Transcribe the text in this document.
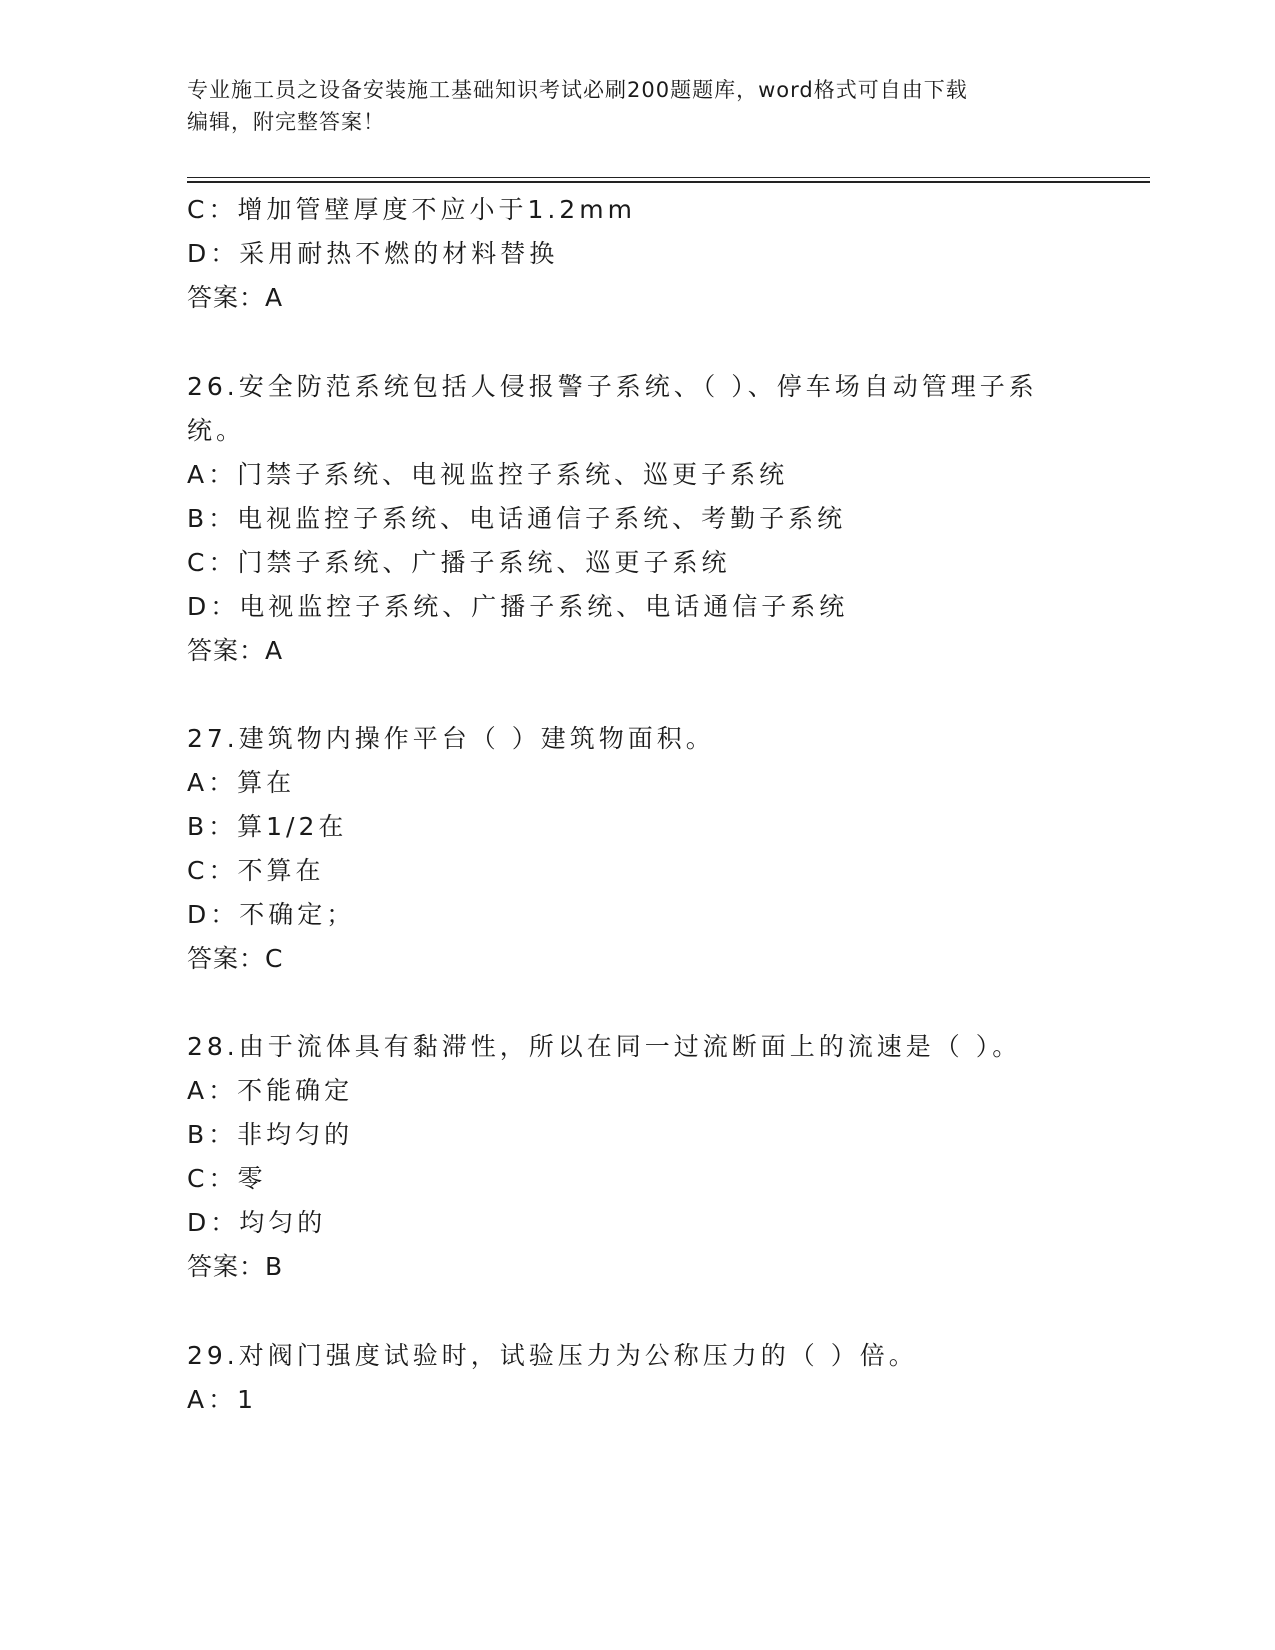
专业施工员之设备安装施工基础知识考试必刷200题题库，word格式可自由下载
编辑，附完整答案！
C：增加管壁厚度不应小于1.2mm
D：采用耐热不燃的材料替换
答案：A
26.安全防范系统包括人侵报警子系统、（ ）、停车场自动管理子系
统。
A：门禁子系统、电视监控子系统、巡更子系统
B：电视监控子系统、电话通信子系统、考勤子系统
C：门禁子系统、广播子系统、巡更子系统
D：电视监控子系统、广播子系统、电话通信子系统
答案：A
27.建筑物内操作平台（ ）建筑物面积。
A：算在
B：算1/2在
C：不算在
D：不确定；
答案：C
28.由于流体具有黏滞性，所以在同一过流断面上的流速是（ ）。
A：不能确定
B：非均匀的
C：零
D：均匀的
答案：B
29.对阀门强度试验时，试验压力为公称压力的（ ）倍。
A：1
